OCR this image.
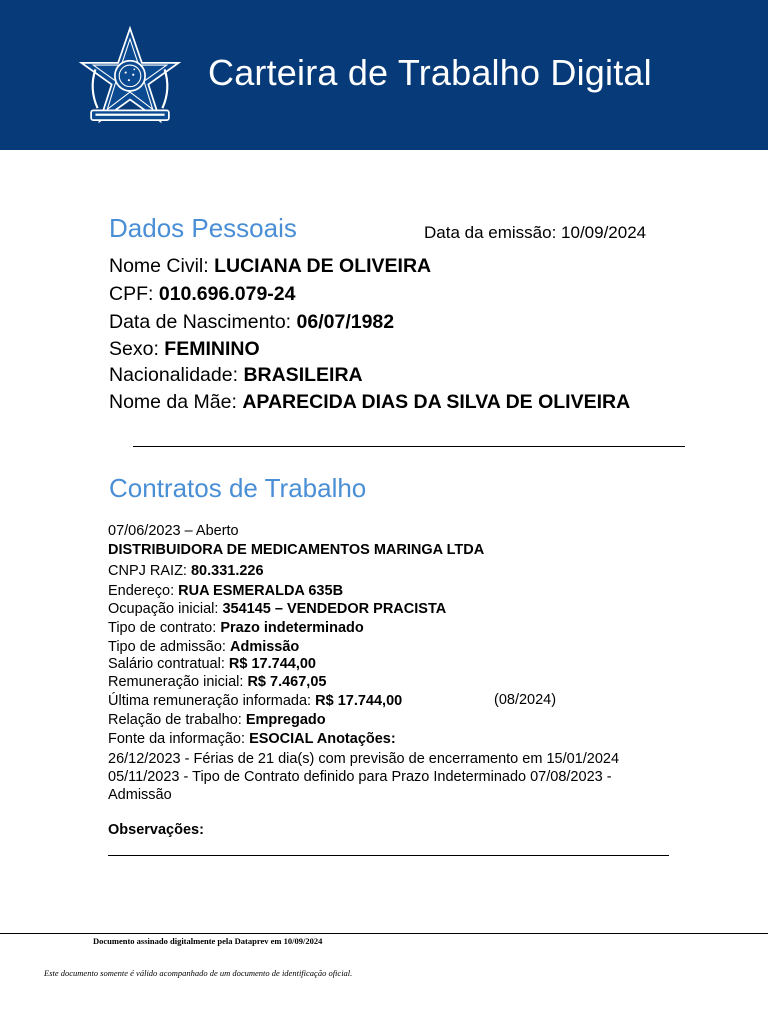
Carteira de Trabalho Digital
Dados Pessoais	Data da emissão: 10/09/2024
Nome Civil: LUCIANA DE OLIVEIRA
CPF: 010.696.079-24
Data de Nascimento: 06/07/1982
Sexo: FEMININO
Nacionalidade: BRASILEIRA
Nome da Mãe: APARECIDA DIAS DA SILVA DE OLIVEIRA
Contratos de Trabalho
07/06/2023 – Aberto
DISTRIBUIDORA DE MEDICAMENTOS MARINGA LTDA
CNPJ RAIZ: 80.331.226
Endereço: RUA ESMERALDA 635B
Ocupação inicial: 354145 – VENDEDOR PRACISTA
Tipo de contrato: Prazo indeterminado
Tipo de admissão: Admissão
Salário contratual: R$ 17.744,00
Remuneração inicial: R$ 7.467,05
Última remuneração informada: R$ 17.744,00	(08/2024)
Relação de trabalho: Empregado
Fonte da informação: ESOCIAL Anotações:
26/12/2023 - Férias de 21 dia(s) com previsão de encerramento em 15/01/2024
05/11/2023 - Tipo de Contrato definido para Prazo Indeterminado 07/08/2023 -
Admissão
Observações:
Documento assinado digitalmente pela Dataprev em 10/09/2024
Este documento somente é válido acompanhado de um documento de identificação oficial.
